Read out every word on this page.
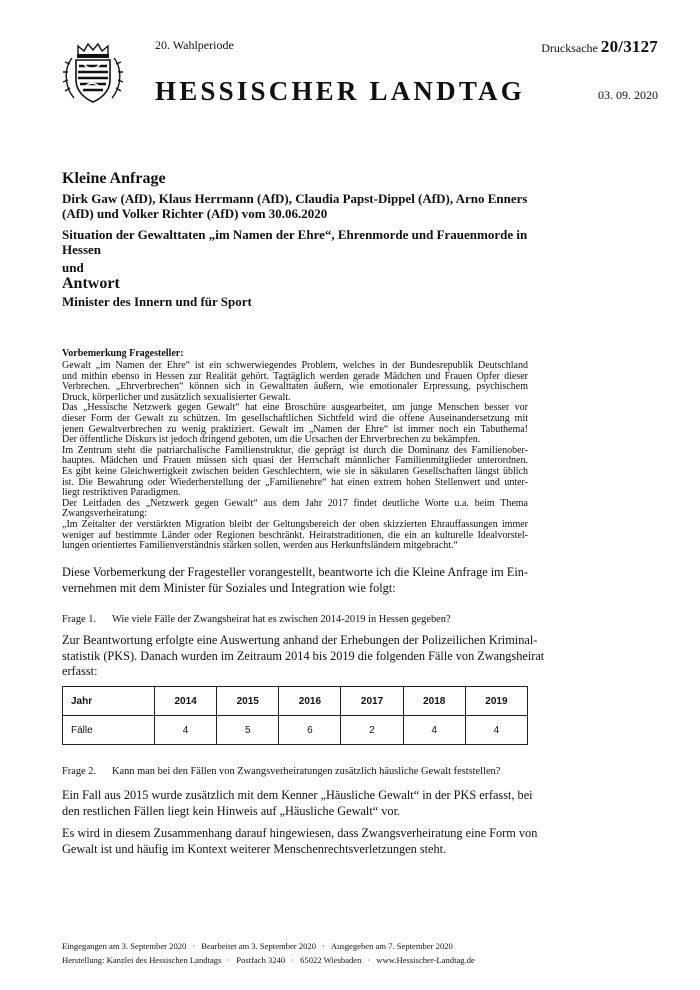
20. Wahlperiode
HESSISCHER LANDTAG
Drucksache 20/3127
03. 09. 2020
Kleine Anfrage
Dirk Gaw (AfD), Klaus Herrmann (AfD), Claudia Papst-Dippel (AfD), Arno Enners
(AfD) und Volker Richter (AfD) vom 30.06.2020
Situation der Gewalttaten „im Namen der Ehre“, Ehrenmorde und Frauenmorde in
Hessen
und
Antwort
Minister des Innern und für Sport
Vorbemerkung Fragesteller:
Gewalt „im Namen der Ehre“ ist ein schwerwiegendes Problem, welches in der Bundesrepublik Deutschland
und mithin ebenso in Hessen zur Realität gehört. Tagtäglich werden gerade Mädchen und Frauen Opfer dieser
Verbrechen. „Ehrverbrechen“ können sich in Gewalttaten äußern, wie emotionaler Erpressung, psychischem
Druck, körperlicher und zusätzlich sexualisierter Gewalt.
Das „Hessische Netzwerk gegen Gewalt“ hat eine Broschüre ausgearbeitet, um junge Menschen besser vor
dieser Form der Gewalt zu schützen. Im gesellschaftlichen Sichtfeld wird die offene Auseinandersetzung mit
jenen Gewaltverbrechen zu wenig praktiziert. Gewalt im „Namen der Ehre“ ist immer noch ein Tabuthema!
Der öffentliche Diskurs ist jedoch dringend geboten, um die Ursachen der Ehrverbrechen zu bekämpfen.
Im Zentrum steht die patriarchalische Familienstruktur, die geprägt ist durch die Dominanz des Familienober-
hauptes. Mädchen und Frauen müssen sich quasi der Herrschaft männlicher Familienmitglieder unterordnen.
Es gibt keine Gleichwertigkeit zwischen beiden Geschlechtern, wie sie in säkularen Gesellschaften längst üblich
ist. Die Bewahrung oder Wiederherstellung der „Familienehre“ hat einen extrem hohen Stellenwert und unter-
liegt restriktiven Paradigmen.
Der Leitfaden des „Netzwerk gegen Gewalt“ aus dem Jahr 2017 findet deutliche Worte u.a. beim Thema
Zwangsverheiratung:
„Im Zeitalter der verstärkten Migration bleibt der Geltungsbereich der oben skizzierten Ehrauffassungen immer
weniger auf bestimmte Länder oder Regionen beschränkt. Heiratstraditionen, die ein an kulturelle Idealvorstel-
lungen orientiertes Familienverständnis stärken sollen, werden aus Herkunftsländern mitgebracht.“
Diese Vorbemerkung der Fragesteller vorangestellt, beantworte ich die Kleine Anfrage im Ein-
vernehmen mit dem Minister für Soziales und Integration wie folgt:
Frage 1. Wie viele Fälle der Zwangsheirat hat es zwischen 2014-2019 in Hessen gegeben?
Zur Beantwortung erfolgte eine Auswertung anhand der Erhebungen der Polizeilichen Kriminal-
statistik (PKS). Danach wurden im Zeitraum 2014 bis 2019 die folgenden Fälle von Zwangsheirat
erfasst:
Jahr	2014	2015	2016	2017	2018	2019
Fälle	4	5	6	2	4	4
Frage 2. Kann man bei den Fällen von Zwangsverheiratungen zusätzlich häusliche Gewalt feststellen?
Ein Fall aus 2015 wurde zusätzlich mit dem Kenner „Häusliche Gewalt“ in der PKS erfasst, bei
den restlichen Fällen liegt kein Hinweis auf „Häusliche Gewalt“ vor.
Es wird in diesem Zusammenhang darauf hingewiesen, dass Zwangsverheiratung eine Form von
Gewalt ist und häufig im Kontext weiterer Menschenrechtsverletzungen steht.
Eingegangen am 3. September 2020 · Bearbeitet am 3. September 2020 · Ausgegeben am 7. September 2020
Herstellung: Kanzlei des Hessischen Landtags · Postfach 3240 · 65022 Wiesbaden · www.Hessischer-Landtag.de
